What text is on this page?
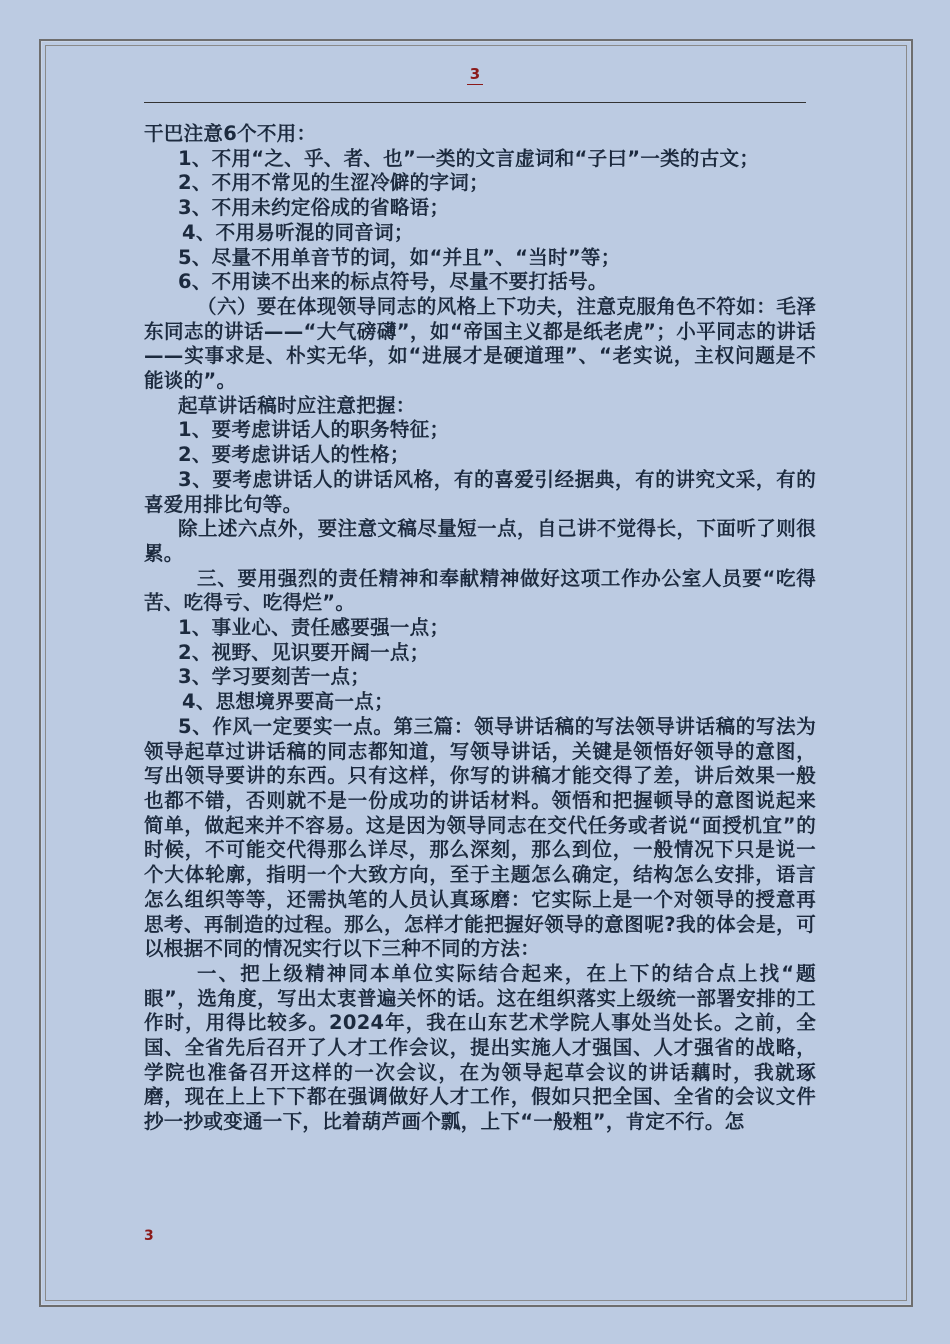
3

干巴注意6个不用：

1、不用“之、乎、者、也”一类的文言虚词和“子曰”一类的古文；

2、不用不常见的生涩冷僻的字词；

3、不用未约定俗成的省略语；

4、不用易听混的同音词；

5、尽量不用单音节的词，如“并且”、“当时”等；

6、不用读不出来的标点符号，尽量不要打括号。

（六）要在体现领导同志的风格上下功夫，注意克服角色不符如：毛泽东同志的讲话——“大气磅礴”，如“帝国主义都是纸老虎”；小平同志的讲话——实事求是、朴实无华，如“进展才是硬道理”、“老实说，主权问题是不能谈的”。

起草讲话稿时应注意把握：

1、要考虑讲话人的职务特征；

2、要考虑讲话人的性格；

3、要考虑讲话人的讲话风格，有的喜爱引经据典，有的讲究文采，有的喜爱用排比句等。

除上述六点外，要注意文稿尽量短一点，自己讲不觉得长，下面听了则很累。

三、要用强烈的责任精神和奉献精神做好这项工作办公室人员要“吃得苦、吃得亏、吃得烂”。

1、事业心、责任感要强一点；

2、视野、见识要开阔一点；

3、学习要刻苦一点；

4、思想境界要高一点；

5、作风一定要实一点。第三篇：领导讲话稿的写法领导讲话稿的写法为领导起草过讲话稿的同志都知道，写领导讲话，关键是领悟好领导的意图，写出领导要讲的东西。只有这样，你写的讲稿才能交得了差，讲后效果一般也都不错，否则就不是一份成功的讲话材料。领悟和把握顿导的意图说起来简单，做起来并不容易。这是因为领导同志在交代任务或者说“面授机宜”的时候，不可能交代得那么详尽，那么深刻，那么到位，一般情况下只是说一个大体轮廓，指明一个大致方向，至于主题怎么确定，结构怎么安排，语言怎么组织等等，还需执笔的人员认真琢磨：它实际上是一个对领导的授意再思考、再制造的过程。那么，怎样才能把握好领导的意图呢?我的体会是，可以根据不同的情况实行以下三种不同的方法：

一、把上级精神同本单位实际结合起来，在上下的结合点上找“题眼”，选角度，写出太衷普遍关怀的话。这在组织落实上级统一部署安排的工作时，用得比较多。2024年，我在山东艺术学院人事处当处长。之前，全国、全省先后召开了人才工作会议，提出实施人才强国、人才强省的战略，学院也准备召开这样的一次会议，在为领导起草会议的讲话藕时，我就琢磨，现在上上下下都在强调做好人才工作，假如只把全国、全省的会议文件抄一抄或变通一下，比着葫芦画个瓢，上下“一般粗”，肯定不行。怎

3
